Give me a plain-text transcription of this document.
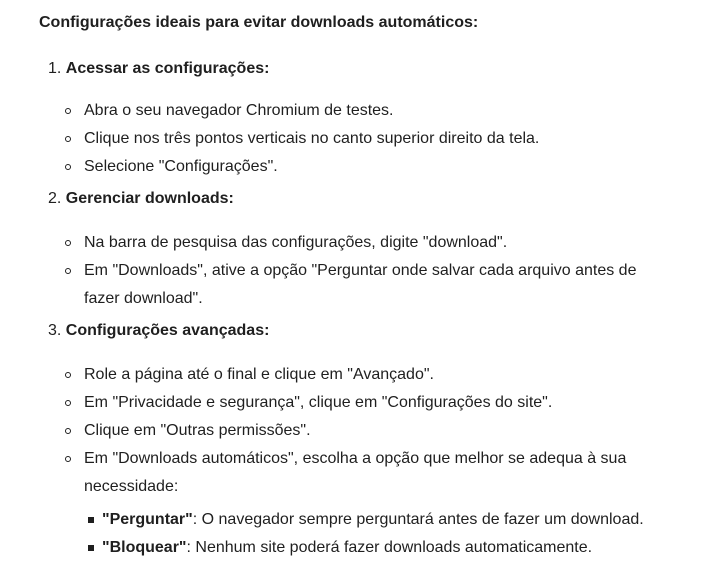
Configurações ideais para evitar downloads automáticos:
1. Acessar as configurações:
Abra o seu navegador Chromium de testes.
Clique nos três pontos verticais no canto superior direito da tela.
Selecione "Configurações".
2. Gerenciar downloads:
Na barra de pesquisa das configurações, digite "download".
Em "Downloads", ative a opção "Perguntar onde salvar cada arquivo antes de
fazer download".
3. Configurações avançadas:
Role a página até o final e clique em "Avançado".
Em "Privacidade e segurança", clique em "Configurações do site".
Clique em "Outras permissões".
Em "Downloads automáticos", escolha a opção que melhor se adequa à sua
necessidade:
"Perguntar": O navegador sempre perguntará antes de fazer um download.
"Bloquear": Nenhum site poderá fazer downloads automaticamente.
